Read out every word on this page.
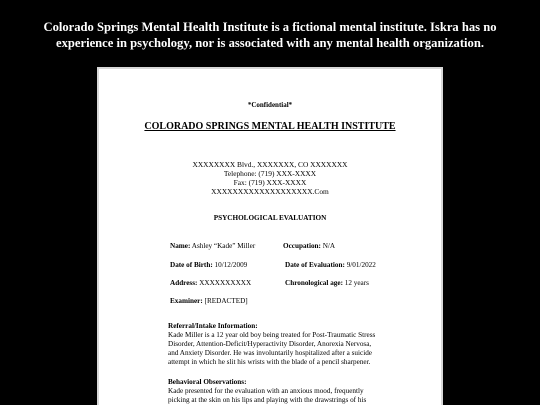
Colorado Springs Mental Health Institute is a fictional mental institute. Iskra has no
experience in psychology, nor is associated with any mental health organization.
*Confidential*
COLORADO SPRINGS MENTAL HEALTH INSTITUTE
XXXXXXXX Blvd., XXXXXXX, CO XXXXXXX
Telephone: (719) XXX-XXXX
Fax: (719) XXX-XXXX
XXXXXXXXXXXXXXXXXXX.Com
PSYCHOLOGICAL EVALUATION
Name: Ashley “Kade” Miller	Occupation: N/A
Date of Birth: 10/12/2009	Date of Evaluation: 9/01/2022
Address: XXXXXXXXXX	Chronological age: 12 years
Examiner: [REDACTED]
Referral/Intake Information:
Kade Miller is a 12 year old boy being treated for Post-Traumatic Stress
Disorder, Attention-Deficit/Hyperactivity Disorder, Anorexia Nervosa,
and Anxiety Disorder. He was involuntarily hospitalized after a suicide
attempt in which he slit his wrists with the blade of a pencil sharpener.
Behavioral Observations:
Kade presented for the evaluation with an anxious mood, frequently
picking at the skin on his lips and playing with the drawstrings of his
